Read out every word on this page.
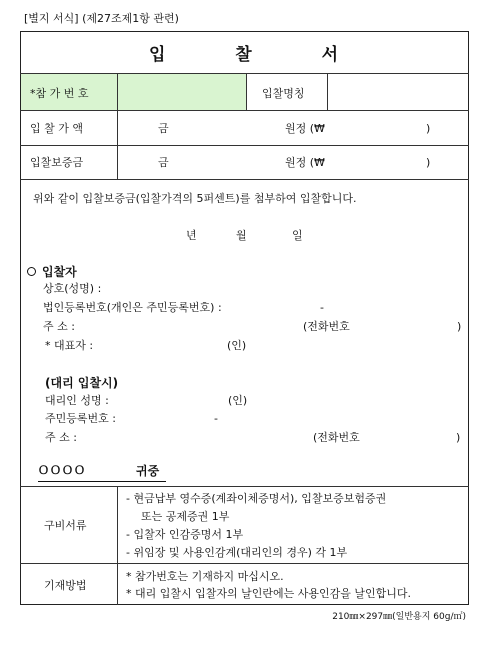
[별지 서식] (제27조제1항 관련)
입	찰	서
*참 가 번 호	입찰명칭
입 찰 가 액	금	원정 (₩	)
입찰보증금	금	원정 (₩	)
위와 같이 입찰보증금(입찰가격의 5퍼센트)를 첨부하여 입찰합니다.
년	월	일
입찰자
상호(성명) :
법인등록번호(개인은 주민등록번호) :	-
주 소 :	(전화번호	)
* 대표자 :	(인)
(대리 입찰시)
대리인 성명 :	(인)
주민등록번호 :	-
주 소 :	(전화번호	)
ＯＯＯＯ	귀중
구비서류
- 현금납부 영수증(계좌이체증명서), 입찰보증보험증권
또는 공제증권 1부
- 입찰자 인감증명서 1부
- 위임장 및 사용인감계(대리인의 경우) 각 1부
기재방법
* 참가번호는 기재하지 마십시오.
* 대리 입찰시 입찰자의 날인란에는 사용인감을 날인합니다.
210㎜×297㎜(일반용지 60g/㎡)
